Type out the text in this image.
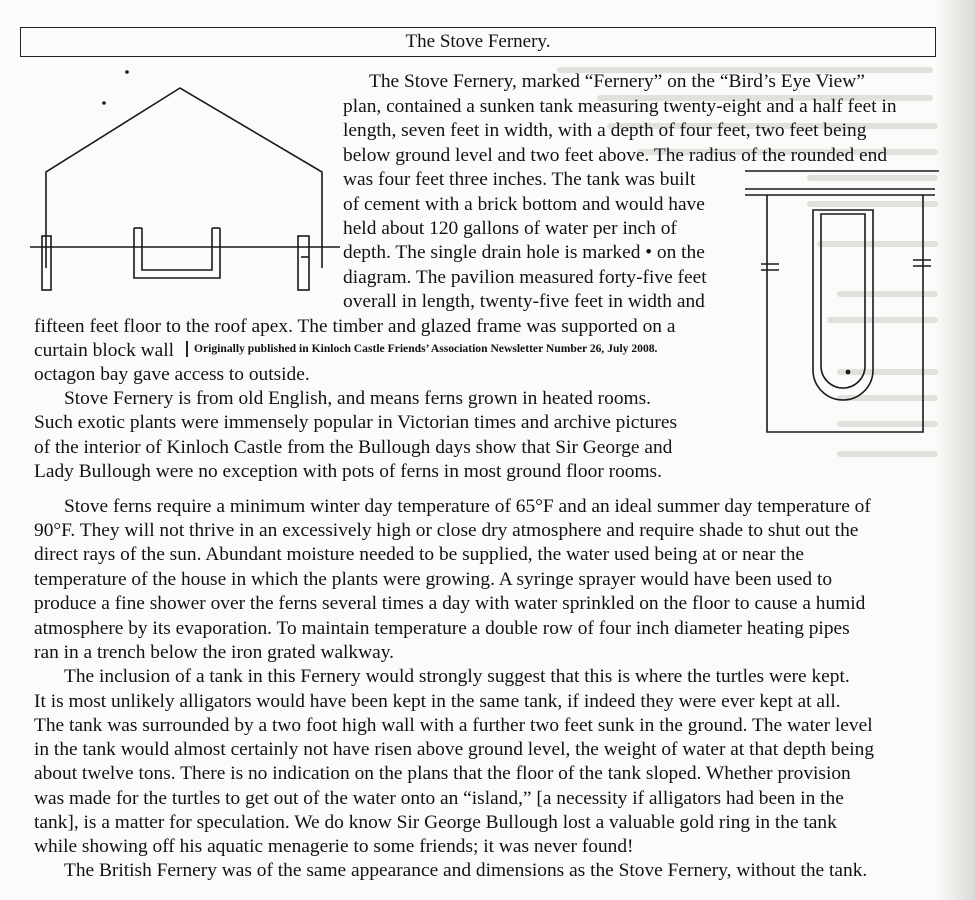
The Stove Fernery.
The Stove Fernery, marked “Fernery” on the “Bird’s Eye View”
plan, contained a sunken tank measuring twenty-eight and a half feet in
length, seven feet in width, with a depth of four feet, two feet being
below ground level and two feet above. The radius of the rounded end
was four feet three inches. The tank was built
of cement with a brick bottom and would have
held about 120 gallons of water per inch of
depth. The single drain hole is marked • on the
diagram. The pavilion measured forty-five feet
overall in length, twenty-five feet in width and
fifteen feet floor to the roof apex. The timber and glazed frame was supported on a
curtain block wall Originally published in Kinloch Castle Friends’ Association Newsletter Number 26, July 2008.
octagon bay gave access to outside.
Stove Fernery is from old English, and means ferns grown in heated rooms.
Such exotic plants were immensely popular in Victorian times and archive pictures
of the interior of Kinloch Castle from the Bullough days show that Sir George and
Lady Bullough were no exception with pots of ferns in most ground floor rooms.
Stove ferns require a minimum winter day temperature of 65°F and an ideal summer day temperature of
90°F. They will not thrive in an excessively high or close dry atmosphere and require shade to shut out the
direct rays of the sun. Abundant moisture needed to be supplied, the water used being at or near the
temperature of the house in which the plants were growing. A syringe sprayer would have been used to
produce a fine shower over the ferns several times a day with water sprinkled on the floor to cause a humid
atmosphere by its evaporation. To maintain temperature a double row of four inch diameter heating pipes
ran in a trench below the iron grated walkway.
The inclusion of a tank in this Fernery would strongly suggest that this is where the turtles were kept.
It is most unlikely alligators would have been kept in the same tank, if indeed they were ever kept at all.
The tank was surrounded by a two foot high wall with a further two feet sunk in the ground. The water level
in the tank would almost certainly not have risen above ground level, the weight of water at that depth being
about twelve tons. There is no indication on the plans that the floor of the tank sloped. Whether provision
was made for the turtles to get out of the water onto an “island,” [a necessity if alligators had been in the
tank], is a matter for speculation. We do know Sir George Bullough lost a valuable gold ring in the tank
while showing off his aquatic menagerie to some friends; it was never found!
The British Fernery was of the same appearance and dimensions as the Stove Fernery, without the tank.
